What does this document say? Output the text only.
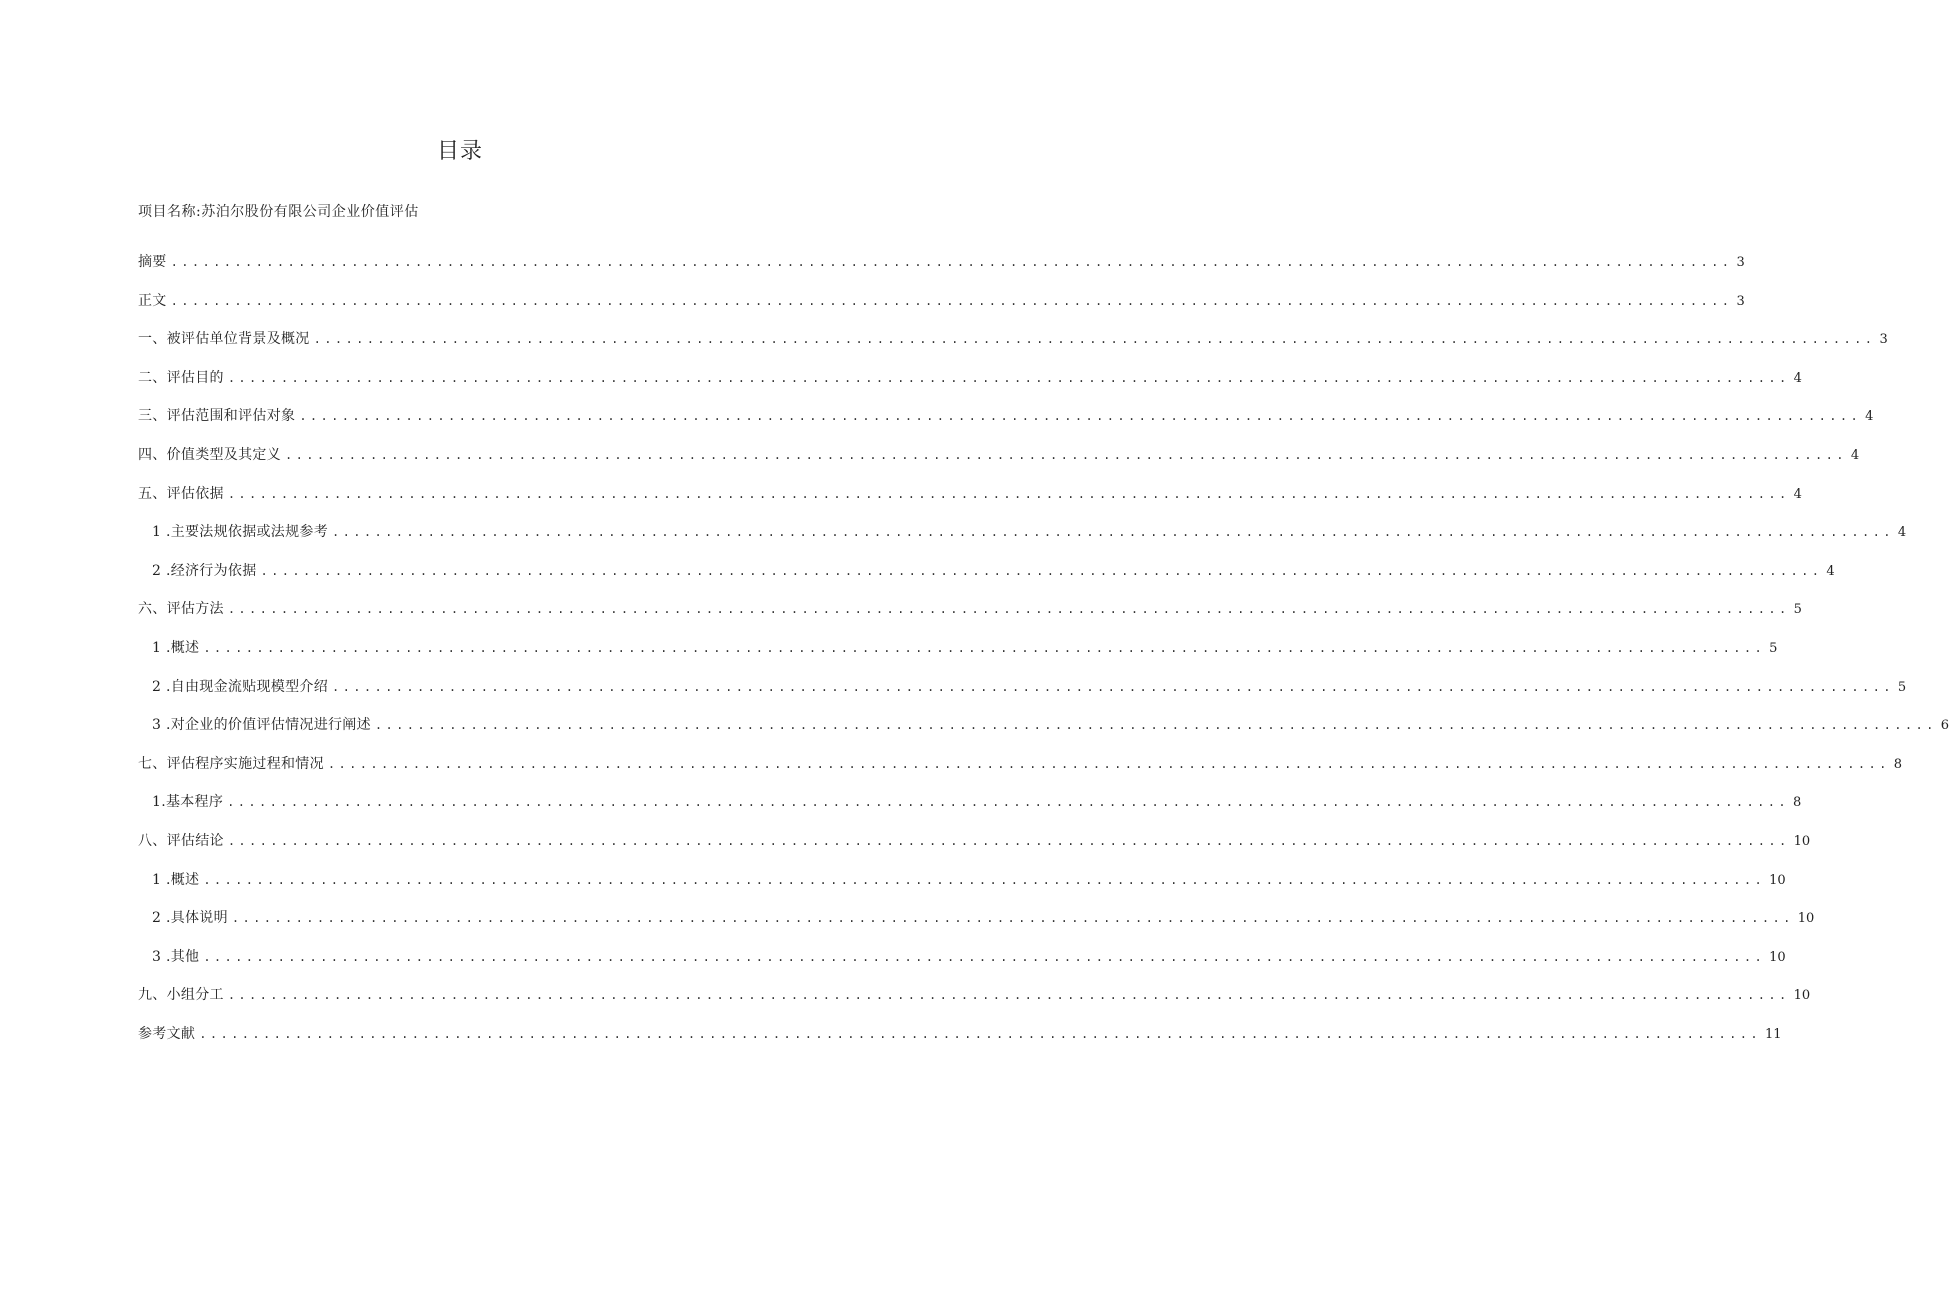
目录
项目名称:苏泊尔股份有限公司企业价值评估
摘要 ................................................................................................................................................... 3
正文 ................................................................................................................................................... 3
一、被评估单位背景及概况 ................................................................................................................................................... 3
二、评估目的 ................................................................................................................................................... 4
三、评估范围和评估对象 ................................................................................................................................................... 4
四、价值类型及其定义 ................................................................................................................................................... 4
五、评估依据 ................................................................................................................................................... 4
1 .主要法规依据或法规参考 ................................................................................................................................................... 4
2 .经济行为依据 ................................................................................................................................................... 4
六、评估方法 ................................................................................................................................................... 5
1 .概述 ................................................................................................................................................... 5
2 .自由现金流贴现模型介绍 ................................................................................................................................................... 5
3 .对企业的价值评估情况进行阐述 ................................................................................................................................................... 6
七、评估程序实施过程和情况 ................................................................................................................................................... 8
1.基本程序 ................................................................................................................................................... 8
八、评估结论 ................................................................................................................................................... 10
1 .概述 ................................................................................................................................................... 10
2 .具体说明 ................................................................................................................................................... 10
3 .其他 ................................................................................................................................................... 10
九、小组分工 ................................................................................................................................................... 10
参考文献 ................................................................................................................................................... 11
